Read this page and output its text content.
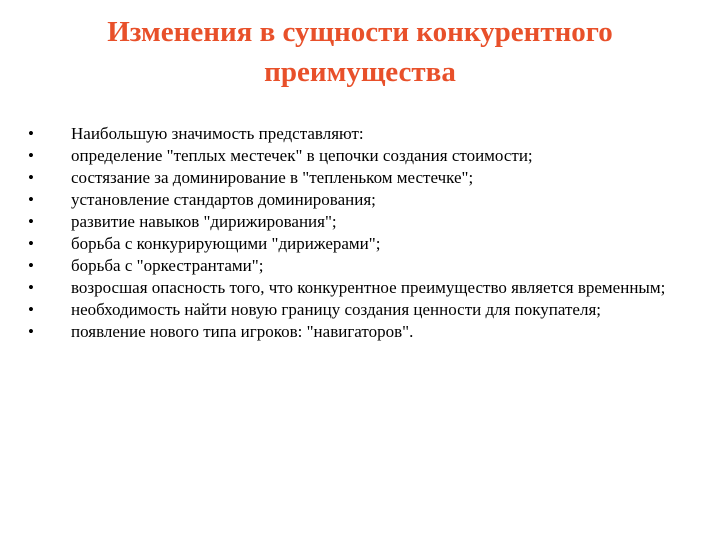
Изменения в сущности конкурентного преимущества
•	Наибольшую значимость представляют:
•	определение "теплых местечек" в цепочки создания стоимости;
•	состязание за доминирование в "тепленьком местечке";
•	установление стандартов доминирования;
•	развитие навыков "дирижирования";
•	борьба с конкурирующими "дирижерами";
•	борьба с "оркестрантами";
•	возросшая опасность того, что конкурентное преимущество является временным;
•	необходимость найти новую границу создания ценности для покупателя;
•	появление нового типа игроков: "навигаторов".
